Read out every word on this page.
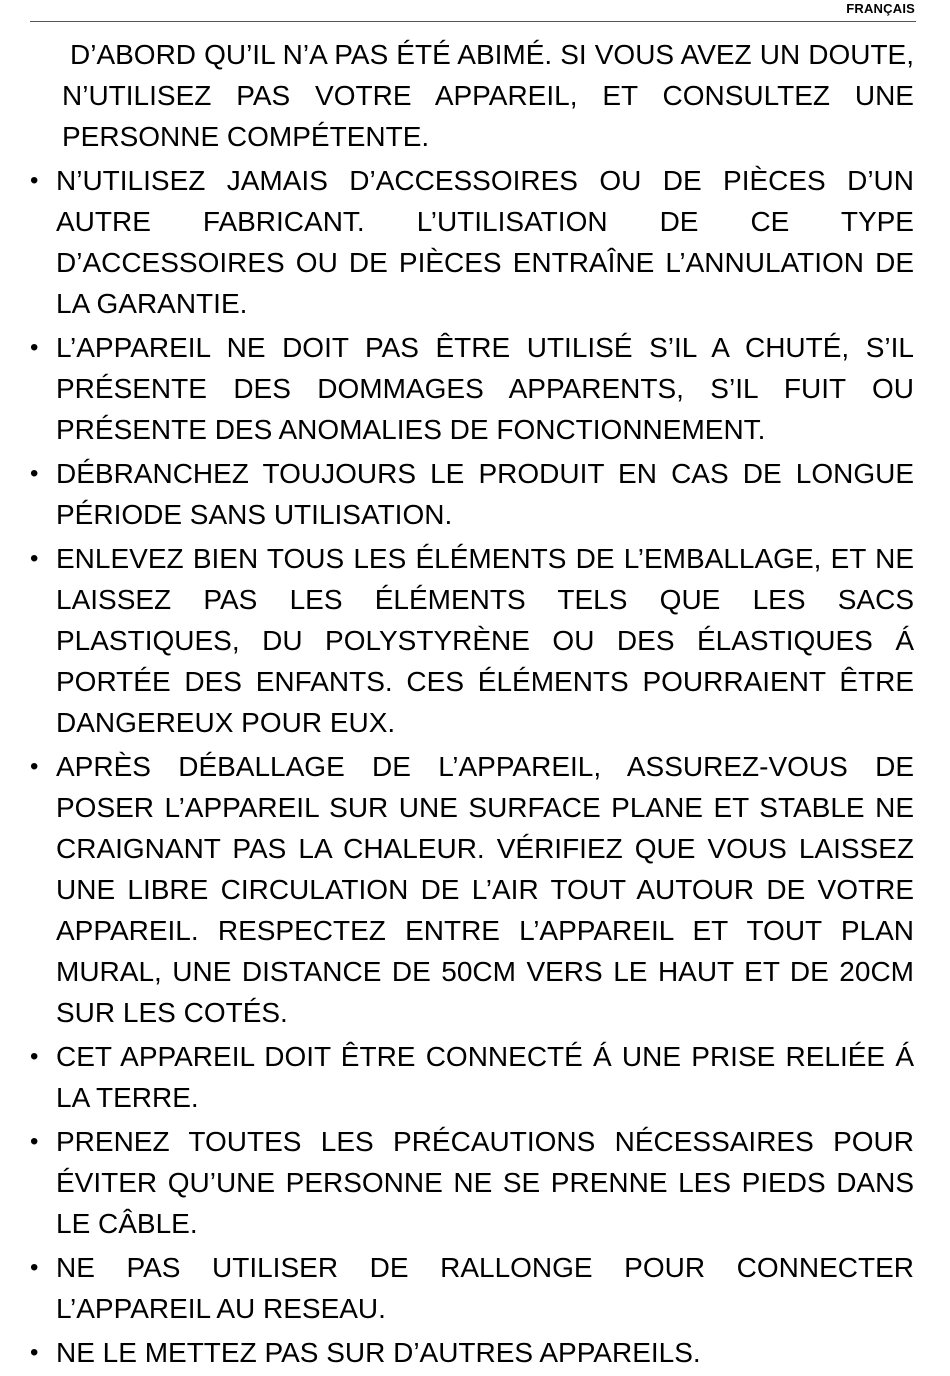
FRANÇAIS

D’ABORD QU’IL N’A PAS ÉTÉ ABIMÉ. SI VOUS AVEZ UN DOUTE, N’UTILISEZ PAS VOTRE APPAREIL, ET CONSULTEZ UNE PERSONNE COMPÉTENTE.

• N’UTILISEZ JAMAIS D’ACCESSOIRES OU DE PIÈCES D’UN AUTRE FABRICANT. L’UTILISATION DE CE TYPE D’ACCESSOIRES OU DE PIÈCES ENTRAÎNE L’ANNULATION DE LA GARANTIE.
• L’APPAREIL NE DOIT PAS ÊTRE UTILISÉ S’IL A CHUTÉ, S’IL PRÉSENTE DES DOMMAGES APPARENTS, S’IL FUIT OU PRÉSENTE DES ANOMALIES DE FONCTIONNEMENT.
• DÉBRANCHEZ TOUJOURS LE PRODUIT EN CAS DE LONGUE PÉRIODE SANS UTILISATION.
• ENLEVEZ BIEN TOUS LES ÉLÉMENTS DE L’EMBALLAGE, ET NE LAISSEZ PAS LES ÉLÉMENTS TELS QUE LES SACS PLASTIQUES, DU POLYSTYRÈNE OU DES ÉLASTIQUES Á PORTÉE DES ENFANTS. CES ÉLÉMENTS POURRAIENT ÊTRE DANGEREUX POUR EUX.
• APRÈS DÉBALLAGE DE L’APPAREIL, ASSUREZ-VOUS DE POSER L’APPAREIL SUR UNE SURFACE PLANE ET STABLE NE CRAIGNANT PAS LA CHALEUR. VÉRIFIEZ QUE VOUS LAISSEZ UNE LIBRE CIRCULATION DE L’AIR TOUT AUTOUR DE VOTRE APPAREIL. RESPECTEZ ENTRE L’APPAREIL ET TOUT PLAN MURAL, UNE DISTANCE DE 50CM VERS LE HAUT ET DE 20CM SUR LES COTÉS.
• CET APPAREIL DOIT ÊTRE CONNECTÉ Á UNE PRISE RELIÉE Á LA TERRE.
• PRENEZ TOUTES LES PRÉCAUTIONS NÉCESSAIRES POUR ÉVITER QU’UNE PERSONNE NE SE PRENNE LES PIEDS DANS LE CÂBLE.
• NE PAS UTILISER DE RALLONGE POUR CONNECTER L’APPAREIL AU RESEAU.
• NE LE METTEZ PAS SUR D’AUTRES APPAREILS.
